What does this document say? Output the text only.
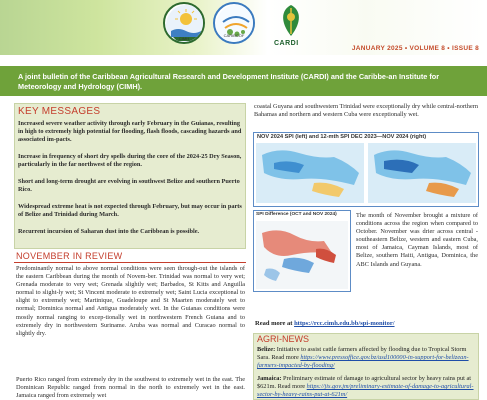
CIMH
CARIBCOF
CARDI
JANUARY 2025 • VOLUME 8 • ISSUE 8

A joint bulletin of the Caribbean Agricultural Research and Development Institute (CARDI) and the Caribbe-an Institute for Meteorology and Hydrology (CIMH).

KEY MESSAGES
Increased severe weather activity through early February in the Guianas, resulting in high to extremely high potential for flooding, flash floods, cascading hazards and associated im-pacts.
Increase in frequency of short dry spells during the core of the 2024-25 Dry Season, particularly in the far northwest of the region.
Short and long-term drought are evolving in southwest Belize and southern Puerto Rico.
Widespread extreme heat is not expected through February, but may occur in parts of Belize and Trinidad during March.
Recurrent incursion of Saharan dust into the Caribbean is possible.
NOVEMBER IN REVIEW
Predominantly normal to above normal conditions were seen through-out the islands of the eastern Caribbean during the month of Novem-ber. Trinidad was normal to very wet; Grenada moderate to very wet; Grenada slightly wet; Barbados, St Kitts and Anguilla normal to slight-ly wet; St Vincent moderate to extremely wet; Saint Lucia exceptional to slight to extremely wet; Martinique, Guadeloupe and St Maarten moderately wet to normal; Dominica normal and Antigua moderately wet. In the Guianas conditions were mostly normal ranging to excep-tionally wet in northwestern French Guiana and to extremely dry in northwestern Suriname. Aruba was normal and Curacao normal to slightly dry.
Puerto Rico ranged from extremely dry in the southwest to extremely wet in the east. The Dominican Republic ranged from normal in the north to extremely wet in the east. Jamaica ranged from extremely wet
coastal Guyana and southwestern Trinidad were exceptionally dry while central-northern Bahamas and northern and western Cuba were exceptionally wet.
NOV 2024 SPI (left) and 12-mth SPI DEC 2023—NOV 2024 (right)
SPI Difference (OCT and NOV 2024)	The month of November brought a mixture of conditions across the region when compared to October. November was drier across central -southeastern Belize, western and eastern Cuba, most of Jamaica, Cayman Islands, most of Belize, southern Haiti, Antigua, Dominica, the ABC Islands and Guyana.
Read more at https://rcc.cimh.edu.bb/spi-monitor/
AGRI-NEWS
Belize: Initiative to assist cattle farmers affected by flooding due to Tropical Storm Sara. Read more https://www.pressoffice.gov.bz/usd100000-in-support-for-belizean-farmers-impacted-by-flooding/
Jamaica: Preliminary estimate of damage to agricultural sector by heavy rains put at $621m. Read more https://jis.gov.jm/preliminary-estimate-of-damage-to-agricultural-sector-by-heavy-rains-put-at-621m/
